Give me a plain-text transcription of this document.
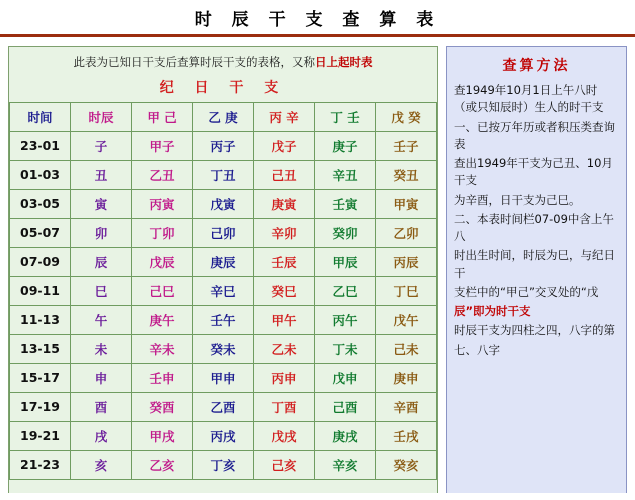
时 辰 干 支 查 算 表
此表为已知日干支后查算时辰干支的表格，又称日上起时表
纪 日 干 支
时间	时辰	甲 己	乙 庚	丙 辛	丁 壬	戊 癸
23-01	子	甲子	丙子	戊子	庚子	壬子
01-03	丑	乙丑	丁丑	己丑	辛丑	癸丑
03-05	寅	丙寅	戊寅	庚寅	壬寅	甲寅
05-07	卯	丁卯	己卯	辛卯	癸卯	乙卯
07-09	辰	戊辰	庚辰	壬辰	甲辰	丙辰
09-11	巳	己巳	辛巳	癸巳	乙巳	丁巳
11-13	午	庚午	壬午	甲午	丙午	戊午
13-15	未	辛未	癸未	乙未	丁未	己未
15-17	申	壬申	甲申	丙申	戊申	庚申
17-19	酉	癸酉	乙酉	丁酉	己酉	辛酉
19-21	戌	甲戌	丙戌	戊戌	庚戌	壬戌
21-23	亥	乙亥	丁亥	己亥	辛亥	癸亥
查算方法

查1949年10月1日上午八时（或只知辰时）生人的时干支

一、已按万年历或者积压类查询表

查出1949年干支为己丑、10月干支

为辛酉，日干支为己巳。

二、本表时间栏07-09中含上午八

时出生时间，时辰为巳，与纪日干

支栏中的“甲己”交叉处的“戊

辰”即为时干支

时辰干支为四柱之四，八字的第

七、八字
